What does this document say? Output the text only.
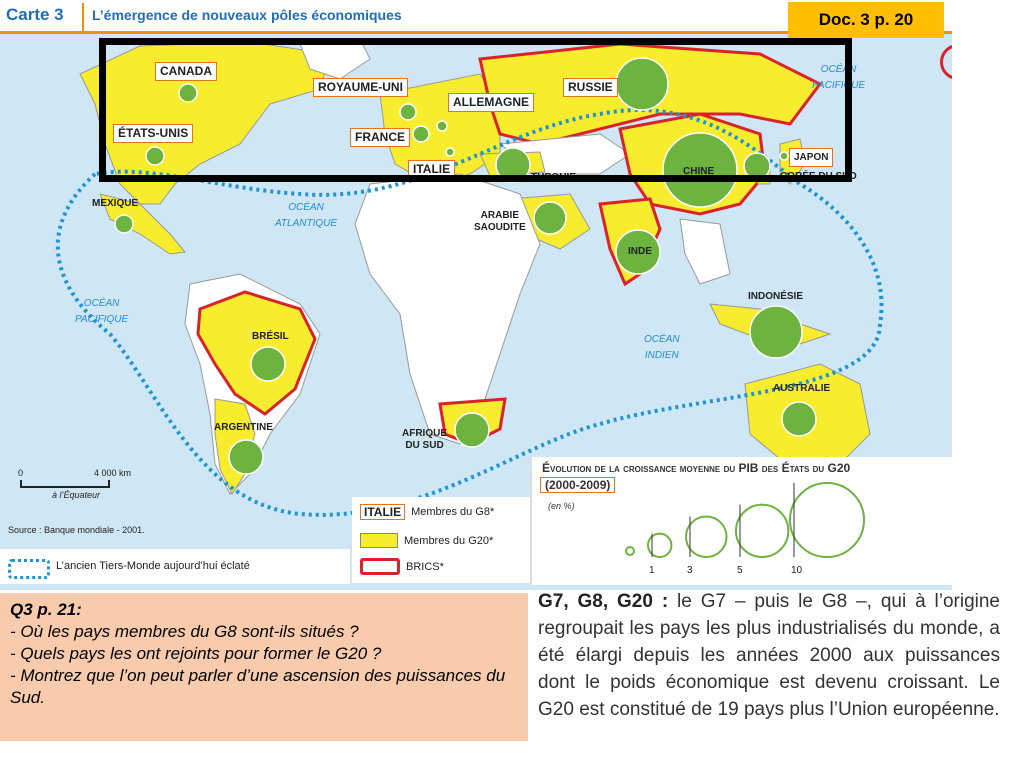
Carte 3 L’émergence de nouveaux pôles économiques
CANADA
ÉTATS-UNIS
ROYAUME-UNI
ALLEMAGNE
RUSSIE
FRANCE
ITALIE
JAPON
MEXIQUE
TURQUIE
CHINE	CORÉE DU SUD
ARABIE
SAOUDITE
INDE
INDONÉSIE
AUSTRALIE
BRÉSIL
ARGENTINE
AFRIQUE
DU SUD
OCÉAN
PACIFIQUE
OCÉAN
ATLANTIQUE
OCÉAN
PACIFIQUE
OCÉAN
INDIEN
0	4 000 km
à l’Équateur
Source : Banque mondiale - 2001.
L’ancien Tiers-Monde aujourd’hui éclaté
ITALIE Membres du G8*
Membres du G20*
BRICS*
Évolution de la croissance moyenne du PIB des États du G20
(2000-2009)
(en %)
1	3	5	10
Doc. 3 p. 20
Q3 p. 21:
- Où les pays membres du G8 sont-ils situés ?
- Quels pays les ont rejoints pour former le G20 ?
- Montrez que l’on peut parler d’une ascension des puissances du Sud.
G7, G8, G20 : le G7 – puis le G8 –, qui à l’origine regroupait les pays les plus industrialisés du monde, a été élargi depuis les années 2000 aux puissances dont le poids économique est devenu croissant. Le G20 est constitué de 19 pays plus l’Union européenne.
